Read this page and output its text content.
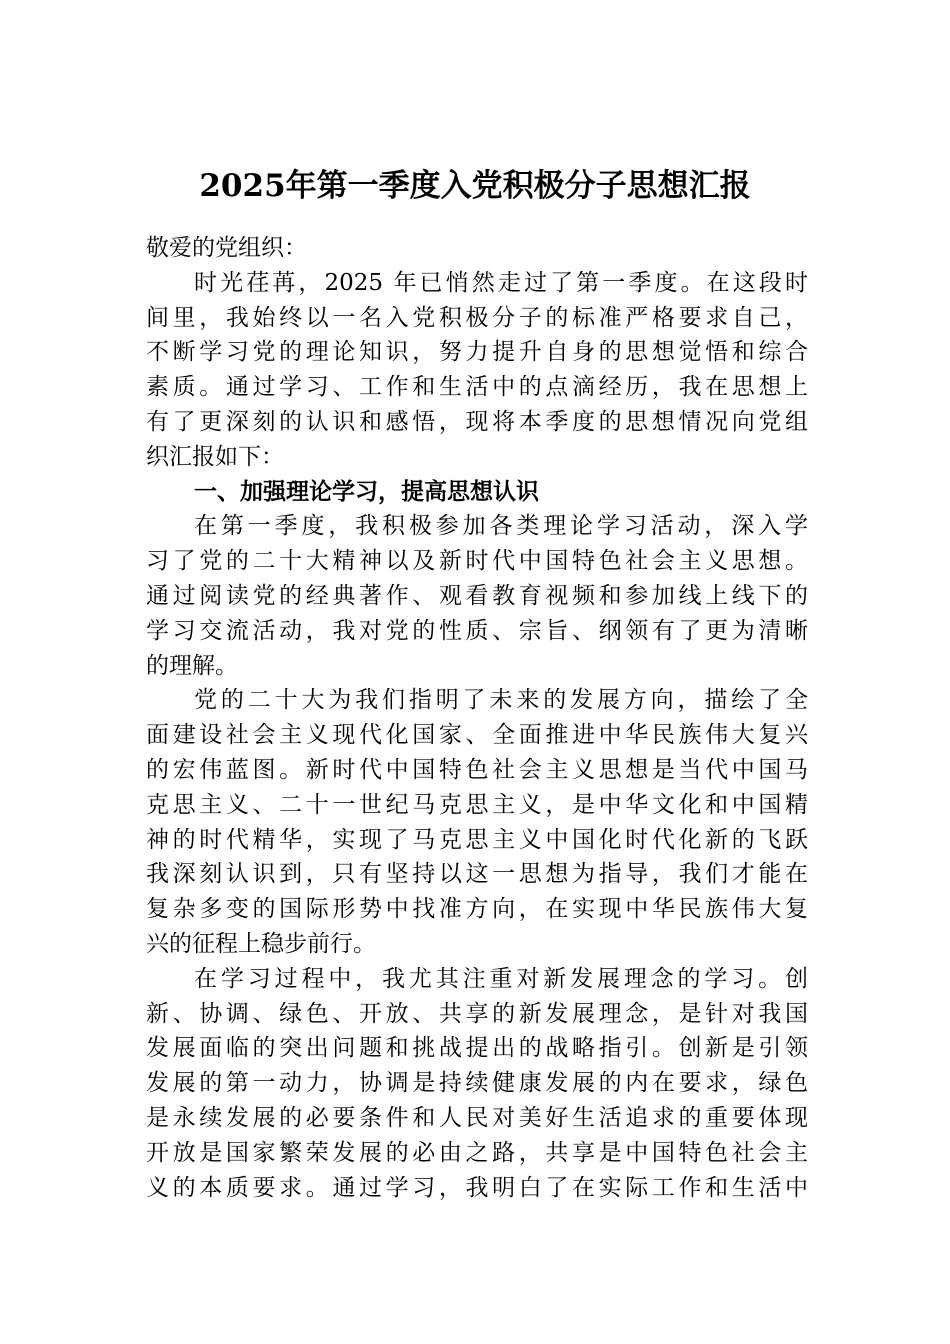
2025年第一季度入党积极分子思想汇报
敬爱的党组织：
时光荏苒，2025 年已悄然走过了第一季度。在这段时
间里，我始终以一名入党积极分子的标准严格要求自己，
不断学习党的理论知识，努力提升自身的思想觉悟和综合
素质。通过学习、工作和生活中的点滴经历，我在思想上
有了更深刻的认识和感悟，现将本季度的思想情况向党组
织汇报如下：
一、加强理论学习，提高思想认识
在第一季度，我积极参加各类理论学习活动，深入学
习了党的二十大精神以及新时代中国特色社会主义思想。
通过阅读党的经典著作、观看教育视频和参加线上线下的
学习交流活动，我对党的性质、宗旨、纲领有了更为清晰
的理解。
党的二十大为我们指明了未来的发展方向，描绘了全
面建设社会主义现代化国家、全面推进中华民族伟大复兴
的宏伟蓝图。新时代中国特色社会主义思想是当代中国马
克思主义、二十一世纪马克思主义，是中华文化和中国精
神的时代精华，实现了马克思主义中国化时代化新的飞跃
我深刻认识到，只有坚持以这一思想为指导，我们才能在
复杂多变的国际形势中找准方向，在实现中华民族伟大复
兴的征程上稳步前行。
在学习过程中，我尤其注重对新发展理念的学习。创
新、协调、绿色、开放、共享的新发展理念，是针对我国
发展面临的突出问题和挑战提出的战略指引。创新是引领
发展的第一动力，协调是持续健康发展的内在要求，绿色
是永续发展的必要条件和人民对美好生活追求的重要体现
开放是国家繁荣发展的必由之路，共享是中国特色社会主
义的本质要求。通过学习，我明白了在实际工作和生活中
